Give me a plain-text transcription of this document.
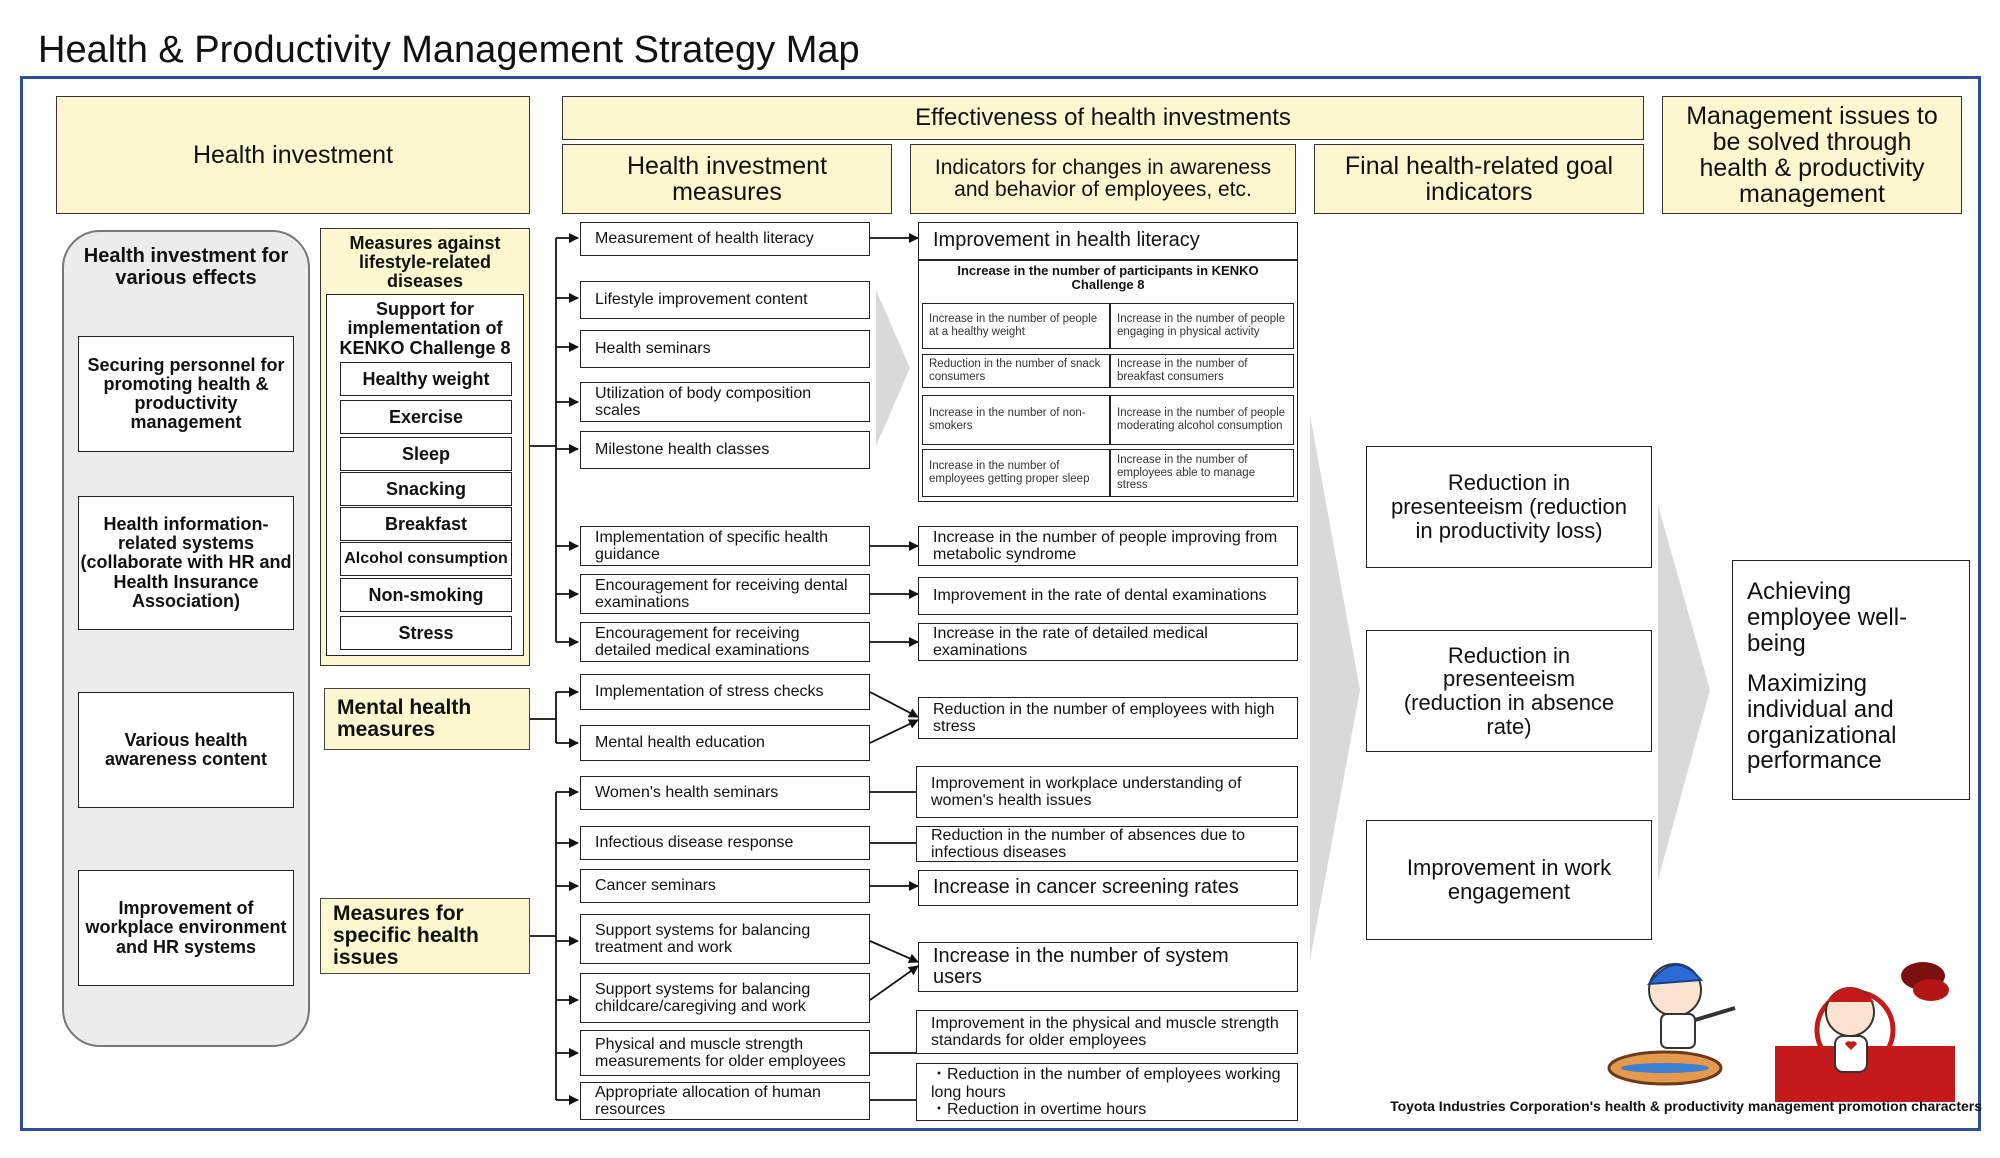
Health & Productivity Management Strategy Map
Health investment
Effectiveness of health investments
Health investment measures
Indicators for changes in awareness and behavior of employees, etc.
Final health-related goal indicators
Management issues to be solved through health & productivity management
Health investment for various effects
Securing personnel for promoting health & productivity management
Health information-related systems (collaborate with HR and Health Insurance Association)
Various health awareness content
Improvement of workplace environment and HR systems
Measures against lifestyle-related diseases
Support for implementation of KENKO Challenge 8
Healthy weight
Exercise
Sleep
Snacking
Breakfast
Alcohol consumption
Non-smoking
Stress
Mental health measures
Measures for specific health issues
Measurement of health literacy
Lifestyle improvement content
Health seminars
Utilization of body composition scales
Milestone health classes
Implementation of specific health guidance
Encouragement for receiving dental examinations
Encouragement for receiving detailed medical examinations
Implementation of stress checks
Mental health education
Women's health seminars
Infectious disease response
Cancer seminars
Support systems for balancing treatment and work
Support systems for balancing childcare/caregiving and work
Physical and muscle strength measurements for older employees
Appropriate allocation of human resources
Improvement in health literacy
Increase in the number of participants in KENKO Challenge 8
Increase in the number of people at a healthy weight
Increase in the number of people engaging in physical activity
Reduction in the number of snack consumers
Increase in the number of breakfast consumers
Increase in the number of non-smokers
Increase in the number of people moderating alcohol consumption
Increase in the number of employees getting proper sleep
Increase in the number of employees able to manage stress
Increase in the number of people improving from metabolic syndrome
Improvement in the rate of dental examinations
Increase in the rate of detailed medical examinations
Reduction in the number of employees with high stress
Improvement in workplace understanding of women's health issues
Reduction in the number of absences due to infectious diseases
Increase in cancer screening rates
Increase in the number of system users
Improvement in the physical and muscle strength standards for older employees
・Reduction in the number of employees working long hours
・Reduction in overtime hours
Reduction in presenteeism (reduction in productivity loss)
Reduction in presenteeism (reduction in absence rate)
Improvement in work engagement
Achieving employee well-being
Maximizing individual and organizational performance
Toyota Industries Corporation's health & productivity management promotion characters
